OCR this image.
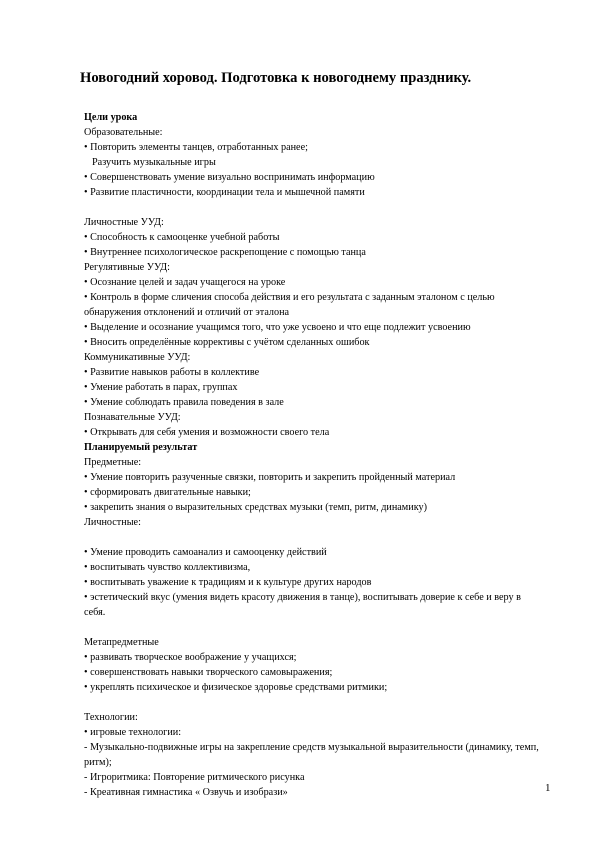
Новогодний хоровод. Подготовка к новогоднему празднику.
Цели урока
Образовательные:
• Повторить элементы танцев, отработанных ранее;
Разучить музыкальные игры
• Совершенствовать умение визуально воспринимать информацию
• Развитие пластичности, координации тела и мышечной памяти
Личностные УУД:
• Способность к самооценке учебной работы
• Внутреннее психологическое раскрепощение с помощью танца
Регулятивные УУД:
• Осознание целей и задач учащегося на уроке
• Контроль в форме сличения способа действия и его результата с заданным эталоном с целью обнаружения отклонений и отличий от эталона
• Выделение и осознание учащимся того, что уже усвоено и что еще подлежит усвоению
• Вносить определённые коррективы с учётом сделанных ошибок
Коммуникативные УУД:
• Развитие навыков работы в коллективе
• Умение работать в парах, группах
• Умение соблюдать правила поведения в зале
Познавательные УУД:
• Открывать для себя умения и возможности своего тела
Планируемый результат
Предметные:
• Умение повторить разученные связки, повторить и закрепить пройденный материал
• сформировать двигательные навыки;
• закрепить знания о выразительных средствах музыки (темп, ритм, динамику)
Личностные:
• Умение проводить самоанализ и самооценку действий
• воспитывать чувство коллективизма,
• воспитывать уважение к традициям и к культуре других народов
• эстетический вкус (умения видеть красоту движения в танце), воспитывать доверие к себе и веру в себя.
Метапредметные
• развивать творческое воображение у учащихся;
• совершенствовать навыки творческого самовыражения;
• укреплять психическое и физическое здоровье средствами ритмики;
Технологии:
• игровые технологии:
- Музыкально-подвижные игры на закрепление средств музыкальной выразительности (динамику, темп, ритм);
- Игроритмика: Повторение ритмического рисунка
- Креативная гимнастика « Озвучь и изобрази»	1
